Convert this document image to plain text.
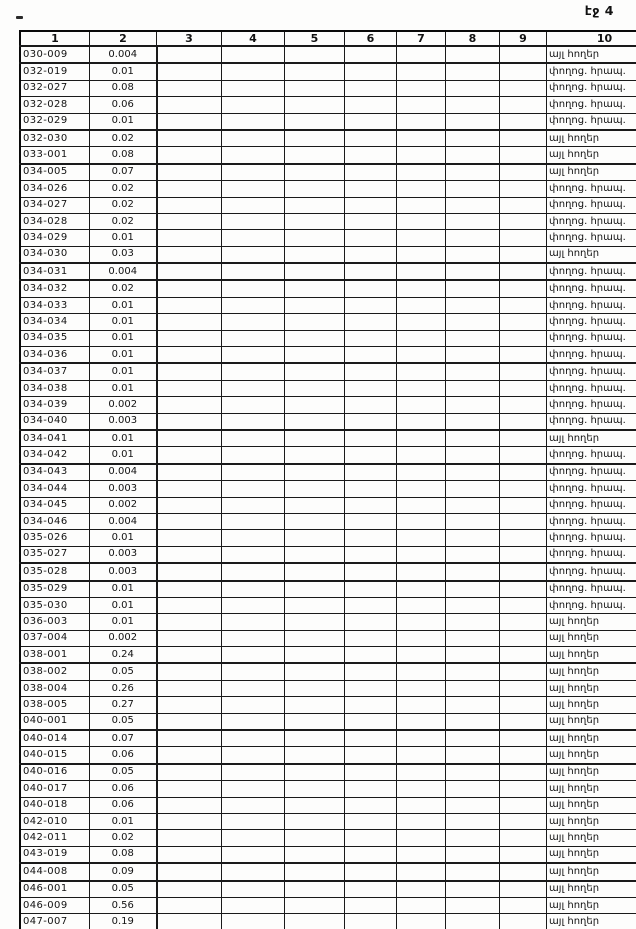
էջ 4
1	2	3	4	5	6	7	8	9	10
030-009	0.004								այլ հողեր
032-019	0.01								փողոց. հրապ.

032-027	0.08								փողոց. հրապ.

032-028	0.06								փողոց. հրապ.

032-029	0.01								փողոց. հրապ.

032-030	0.02								այլ հողեր
033-001	0.08								այլ հողեր
034-005	0.07								այլ հողեր
034-026	0.02								փողոց. հրապ.

034-027	0.02								փողոց. հրապ.

034-028	0.02								փողոց. հրապ.

034-029	0.01								փողոց. հրապ.

034-030	0.03								այլ հողեր
034-031	0.004								փողոց. հրապ.

034-032	0.02								փողոց. հրապ.

034-033	0.01								փողոց. հրապ.

034-034	0.01								փողոց. հրապ.

034-035	0.01								փողոց. հրապ.

034-036	0.01								փողոց. հրապ.

034-037	0.01								փողոց. հրապ.

034-038	0.01								փողոց. հրապ.

034-039	0.002								փողոց. հրապ.

034-040	0.003								փողոց. հրապ.

034-041	0.01								այլ հողեր
034-042	0.01								փողոց. հրապ.

034-043	0.004								փողոց. հրապ.

034-044	0.003								փողոց. հրապ.

034-045	0.002								փողոց. հրապ.

034-046	0.004								փողոց. հրապ.

035-026	0.01								փողոց. հրապ.

035-027	0.003								փողոց. հրապ.

035-028	0.003								փողոց. հրապ.

035-029	0.01								փողոց. հրապ.

035-030	0.01								փողոց. հրապ.

036-003	0.01								այլ հողեր
037-004	0.002								այլ հողեր
038-001	0.24								այլ հողեր
038-002	0.05								այլ հողեր
038-004	0.26								այլ հողեր
038-005	0.27								այլ հողեր
040-001	0.05								այլ հողեր
040-014	0.07								այլ հողեր
040-015	0.06								այլ հողեր
040-016	0.05								այլ հողեր
040-017	0.06								այլ հողեր
040-018	0.06								այլ հողեր
042-010	0.01								այլ հողեր
042-011	0.02								այլ հողեր
043-019	0.08								այլ հողեր
044-008	0.09								այլ հողեր
046-001	0.05								այլ հողեր
046-009	0.56								այլ հողեր
047-007	0.19								այլ հողեր
